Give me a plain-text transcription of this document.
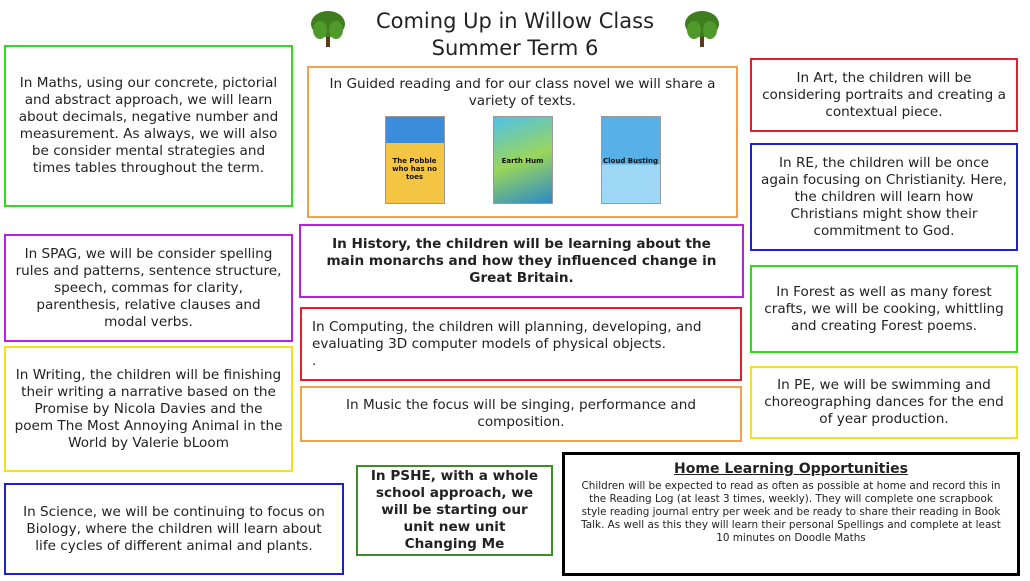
Coming Up in Willow Class
Summer Term 6

In Maths, using our concrete, pictorial and abstract approach, we will learn about decimals, negative number and measurement. As always, we will also be consider mental strategies and times tables throughout the term.

In SPAG, we will be consider spelling rules and patterns, sentence structure, speech, commas for clarity, parenthesis, relative clauses and modal verbs.

In Writing, the children will be finishing their writing a narrative based on the Promise by Nicola Davies and the poem The Most Annoying Animal in the World by Valerie bLoom

In Science, we will be continuing to focus on Biology, where the children will learn about life cycles of different animal and plants.

In Guided reading and for our class novel we will share a variety of texts.

The Pobble who has no toes
Earth Hum	Cloud Busting

In History, the children will be learning about the main monarchs and how they influenced change in Great Britain.

In Computing, the children will planning, developing, and evaluating 3D computer models of physical objects.

.

In Music the focus will be singing, performance and composition.

In PSHE, with a whole school approach, we will be starting our unit new unit Changing Me

Home Learning Opportunities

Children will be expected to read as often as possible at home and record this in the Reading Log (at least 3 times, weekly). They will complete one scrapbook style reading journal entry per week and be ready to share their reading in Book Talk. As well as this they will learn their personal Spellings and complete at least 10 minutes on Doodle Maths

In Art, the children will be considering portraits and creating a contextual piece.

In RE, the children will be once again focusing on Christianity. Here, the children will learn how Christians might show their commitment to God.

In Forest as well as many forest crafts, we will be cooking, whittling and creating Forest poems.

In PE, we will be swimming and choreographing dances for the end of year production.
